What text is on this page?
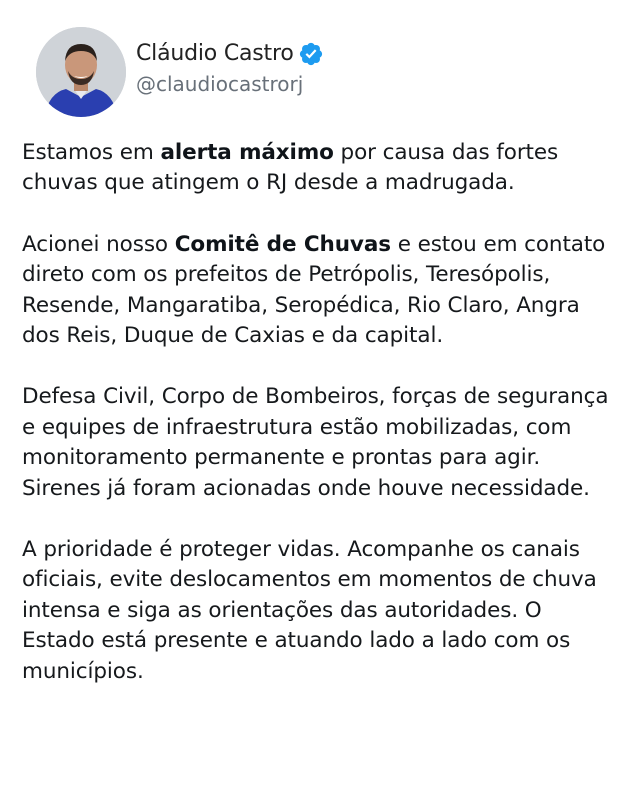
Cláudio Castro
@claudiocastrorj

Estamos em alerta máximo por causa das fortes chuvas que atingem o RJ desde a madrugada.

Acionei nosso Comitê de Chuvas e estou em contato direto com os prefeitos de Petrópolis, Teresópolis, Resende, Mangaratiba, Seropédica, Rio Claro, Angra dos Reis, Duque de Caxias e da capital.

Defesa Civil, Corpo de Bombeiros, forças de segurança e equipes de infraestrutura estão mobilizadas, com monitoramento permanente e prontas para agir. Sirenes já foram acionadas onde houve necessidade.

A prioridade é proteger vidas. Acompanhe os canais oficiais, evite deslocamentos em momentos de chuva intensa e siga as orientações das autoridades. O Estado está presente e atuando lado a lado com os municípios.
